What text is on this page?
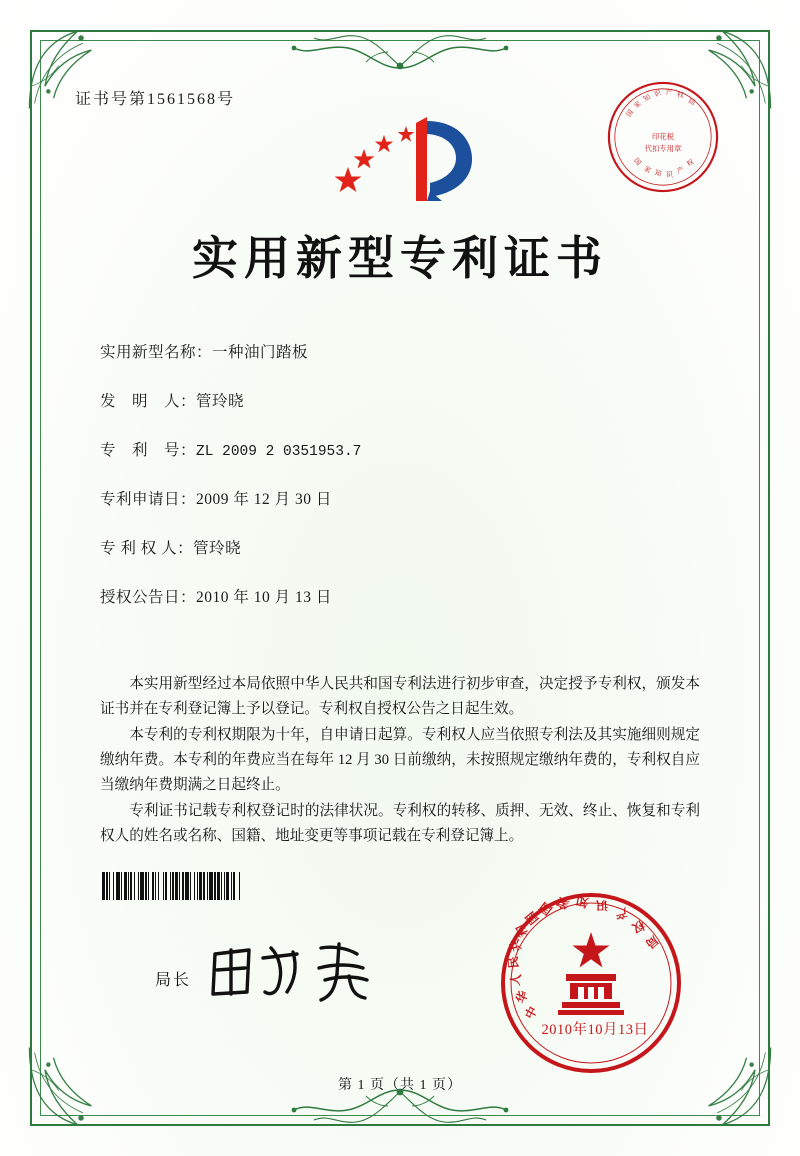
证书号第1561568号
印花税
代扣专用章
国
家
知 识 产 权
局
国
家 知 识 产
权
实用新型专利证书
实用新型名称：一种油门踏板
发　明　人：管玲晓
专　利　号：ZL 2009 2 0351953.7
专利申请日：2009 年 12 月 30 日
专 利 权 人：管玲晓
授权公告日：2010 年 10 月 13 日

本实用新型经过本局依照中华人民共和国专利法进行初步审查，决定授予专利权，颁发本证书并在专利登记簿上予以登记。专利权自授权公告之日起生效。

本专利的专利权期限为十年，自申请日起算。专利权人应当依照专利法及其实施细则规定缴纳年费。本专利的年费应当在每年 12 月 30 日前缴纳，未按照规定缴纳年费的，专利权自应当缴纳年费期满之日起终止。

专利证书记载专利权登记时的法律状况。专利权的转移、质押、无效、终止、恢复和专利权人的姓名或名称、国籍、地址变更等事项记载在专利登记簿上。

局长
中
华
人
民
共
和
国
国 家 知 识 产
权
局
2010年10月13日
第 1 页（共 1 页）
